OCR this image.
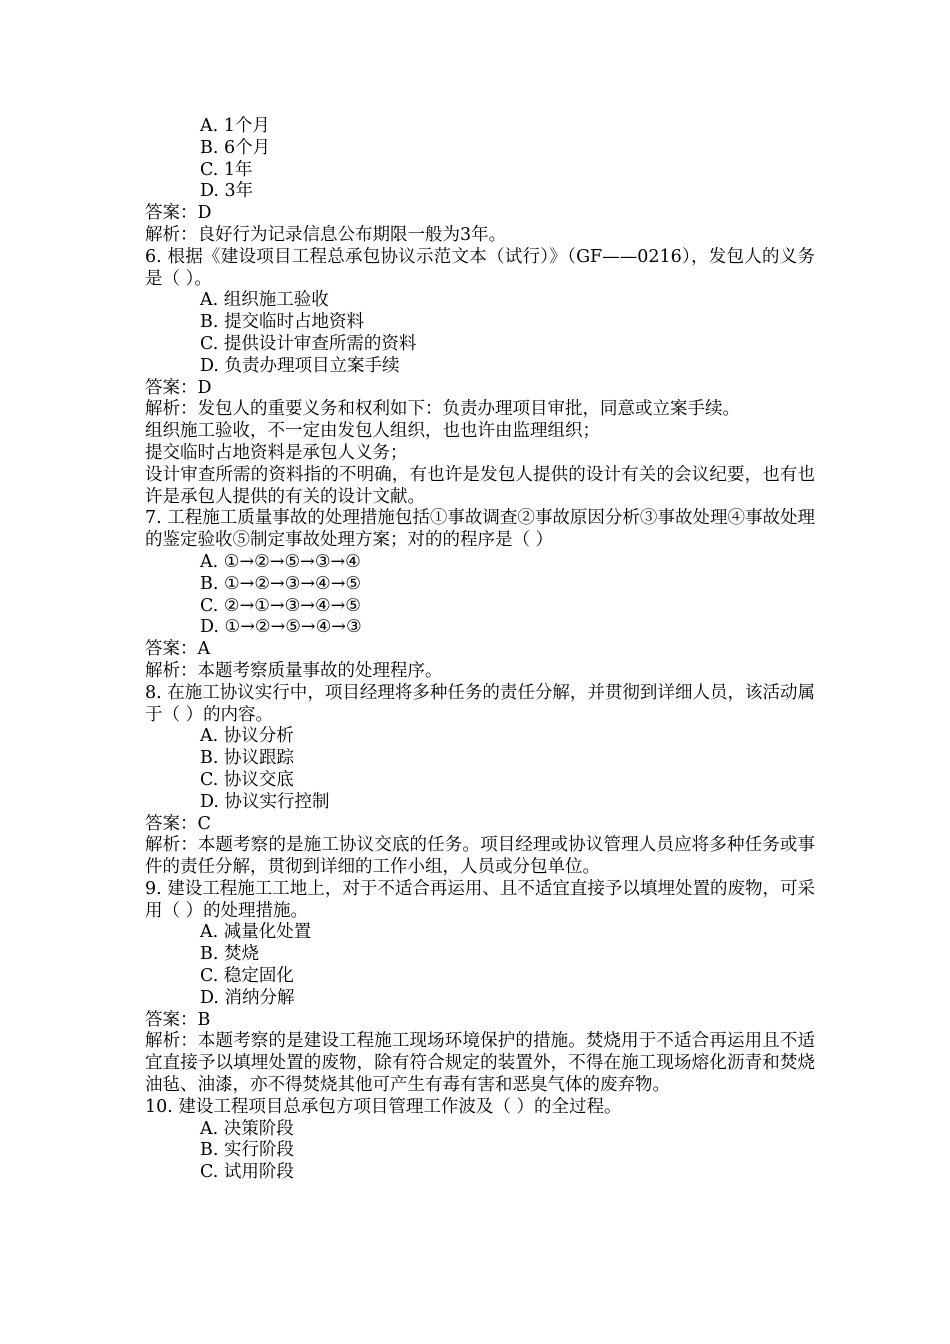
A. 1个月
B. 6个月
C. 1年
D. 3年
答案：D
解析：良好行为记录信息公布期限一般为3年。
6. 根据《建设项目工程总承包协议示范文本（试行）》（GF——0216），发包人的义务是（ ）。
A. 组织施工验收
B. 提交临时占地资料
C. 提供设计审查所需的资料
D. 负责办理项目立案手续
答案：D
解析：发包人的重要义务和权利如下：负责办理项目审批，同意或立案手续。
组织施工验收，不一定由发包人组织，也也许由监理组织；
提交临时占地资料是承包人义务；
设计审查所需的资料指的不明确，有也许是发包人提供的设计有关的会议纪要，也有也许是承包人提供的有关的设计文献。
7. 工程施工质量事故的处理措施包括①事故调查②事故原因分析③事故处理④事故处理的鉴定验收⑤制定事故处理方案；对的的程序是（ ）
A. ①→②→⑤→③→④
B. ①→②→③→④→⑤
C. ②→①→③→④→⑤
D. ①→②→⑤→④→③
答案：A
解析：本题考察质量事故的处理程序。
8. 在施工协议实行中，项目经理将多种任务的责任分解，并贯彻到详细人员，该活动属于（ ）的内容。
A. 协议分析
B. 协议跟踪
C. 协议交底
D. 协议实行控制
答案：C
解析：本题考察的是施工协议交底的任务。项目经理或协议管理人员应将多种任务或事件的责任分解，贯彻到详细的工作小组，人员或分包单位。
9. 建设工程施工工地上，对于不适合再运用、且不适宜直接予以填埋处置的废物，可采用（ ）的处理措施。
A. 减量化处置
B. 焚烧
C. 稳定固化
D. 消纳分解
答案：B
解析：本题考察的是建设工程施工现场环境保护的措施。焚烧用于不适合再运用且不适宜直接予以填埋处置的废物，除有符合规定的装置外，不得在施工现场熔化沥青和焚烧油毡、油漆，亦不得焚烧其他可产生有毒有害和恶臭气体的废弃物。
10. 建设工程项目总承包方项目管理工作波及（ ）的全过程。
A. 决策阶段
B. 实行阶段
C. 试用阶段
